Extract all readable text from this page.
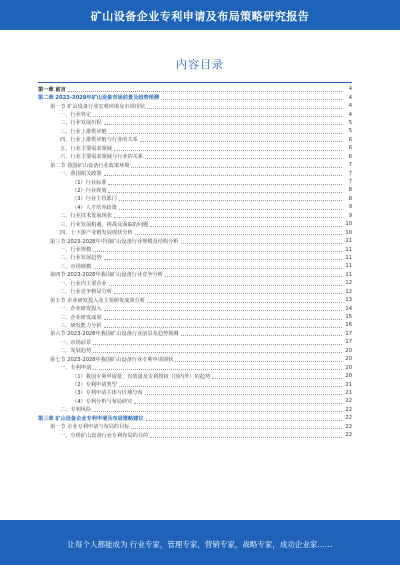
矿山设备企业专利申请及布局策略研究报告
内容目录
第一章 前言	4
第二章 2023-2028年矿山设备市场前景及趋势预测	4
第一节 矿山设备行业宏观环境及市场现状	4
一、行业界定	4
二、行业发展历程	5
三、行业上游供应链	5
四、行业上游供应链与行业的关系	6
五、行业主要需求领域	6
六、行业主要需求领域与行业的关系	6
第二节 我国矿山设备行业政策环境	7
一、我国相关政策	7
（1）行业标准	7
（2）行业规划	8
（3）行业主管部门	8
（4）人才培养政策	9
二、行业技术发展现状	9
三、行业发展机遇、挑战及面临的问题	10
四、上下游产业链发展现状分析	10
第三节 2023-2028年中国矿山设备行业规模及结构分析	11
一、行业规模	11
二、行业发展趋势	11
三、市场规模	11
第四节 2023-2028年我国矿山设备行业竞争分析	11
一、行业内主要企业	12
二、行业竞争格局分析	12
第五节 企业研发投入及主要研发成果分析	13
一、企业研发投入	14
二、企业研发成果	15
三、研发能力分析	16
第六节 2023-2028年我国矿山设备行业前景及趋势预测	17
一、市场前景	17
二、发展趋势	20
第七节 2023-2028年我国矿山设备行业专利申请现状	20
一、专利申请	20
（1）我国专利申请量、有效量及专利授权（国内外）的趋势	20
（2）专利申请类型	21
（3）专利申请主体与区域分布	21
（4）专利分析与布局研究	22
二、专利风险	22
第三章 矿山设备企业专利申请及布局策略建议	22
第一节 企业专利申请与布局的目标	22
一、分析矿山设备行业专利布局的目的	22
让每个人都能成为 行业专家，管理专家，营销专家，战略专家，成功企业家……
